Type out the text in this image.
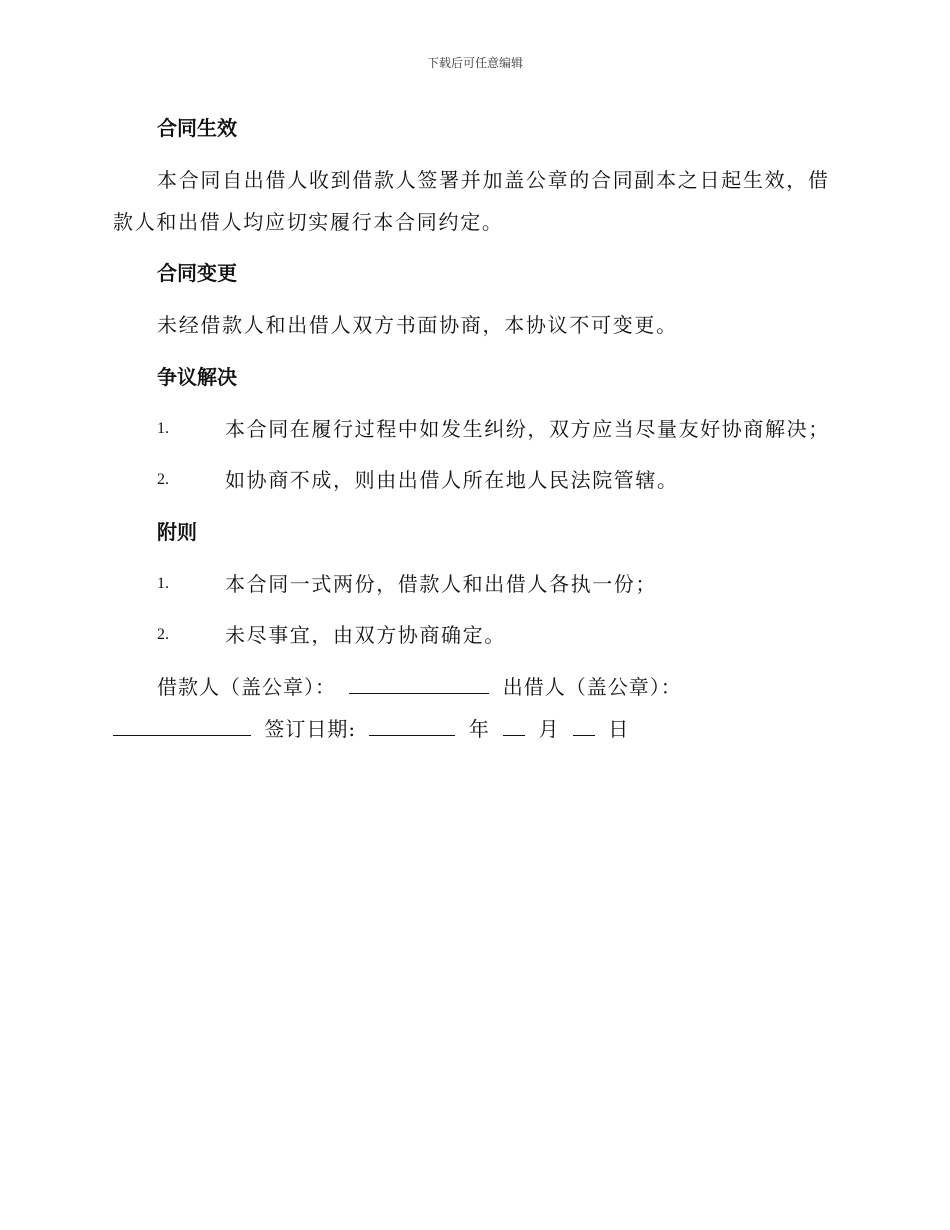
下载后可任意编辑
合同生效
本合同自出借人收到借款人签署并加盖公章的合同副本之日起生效，借
款人和出借人均应切实履行本合同约定。
合同变更
未经借款人和出借人双方书面协商，本协议不可变更。
争议解决
1.	本合同在履行过程中如发生纠纷，双方应当尽量友好协商解决；
2.	如协商不成，则由出借人所在地人民法院管辖。
附则
1.	本合同一式两份，借款人和出借人各执一份；
2.	未尽事宜，由双方协商确定。
借款人（盖公章）：	出借人（盖公章）：
签订日期:	年 月 日
